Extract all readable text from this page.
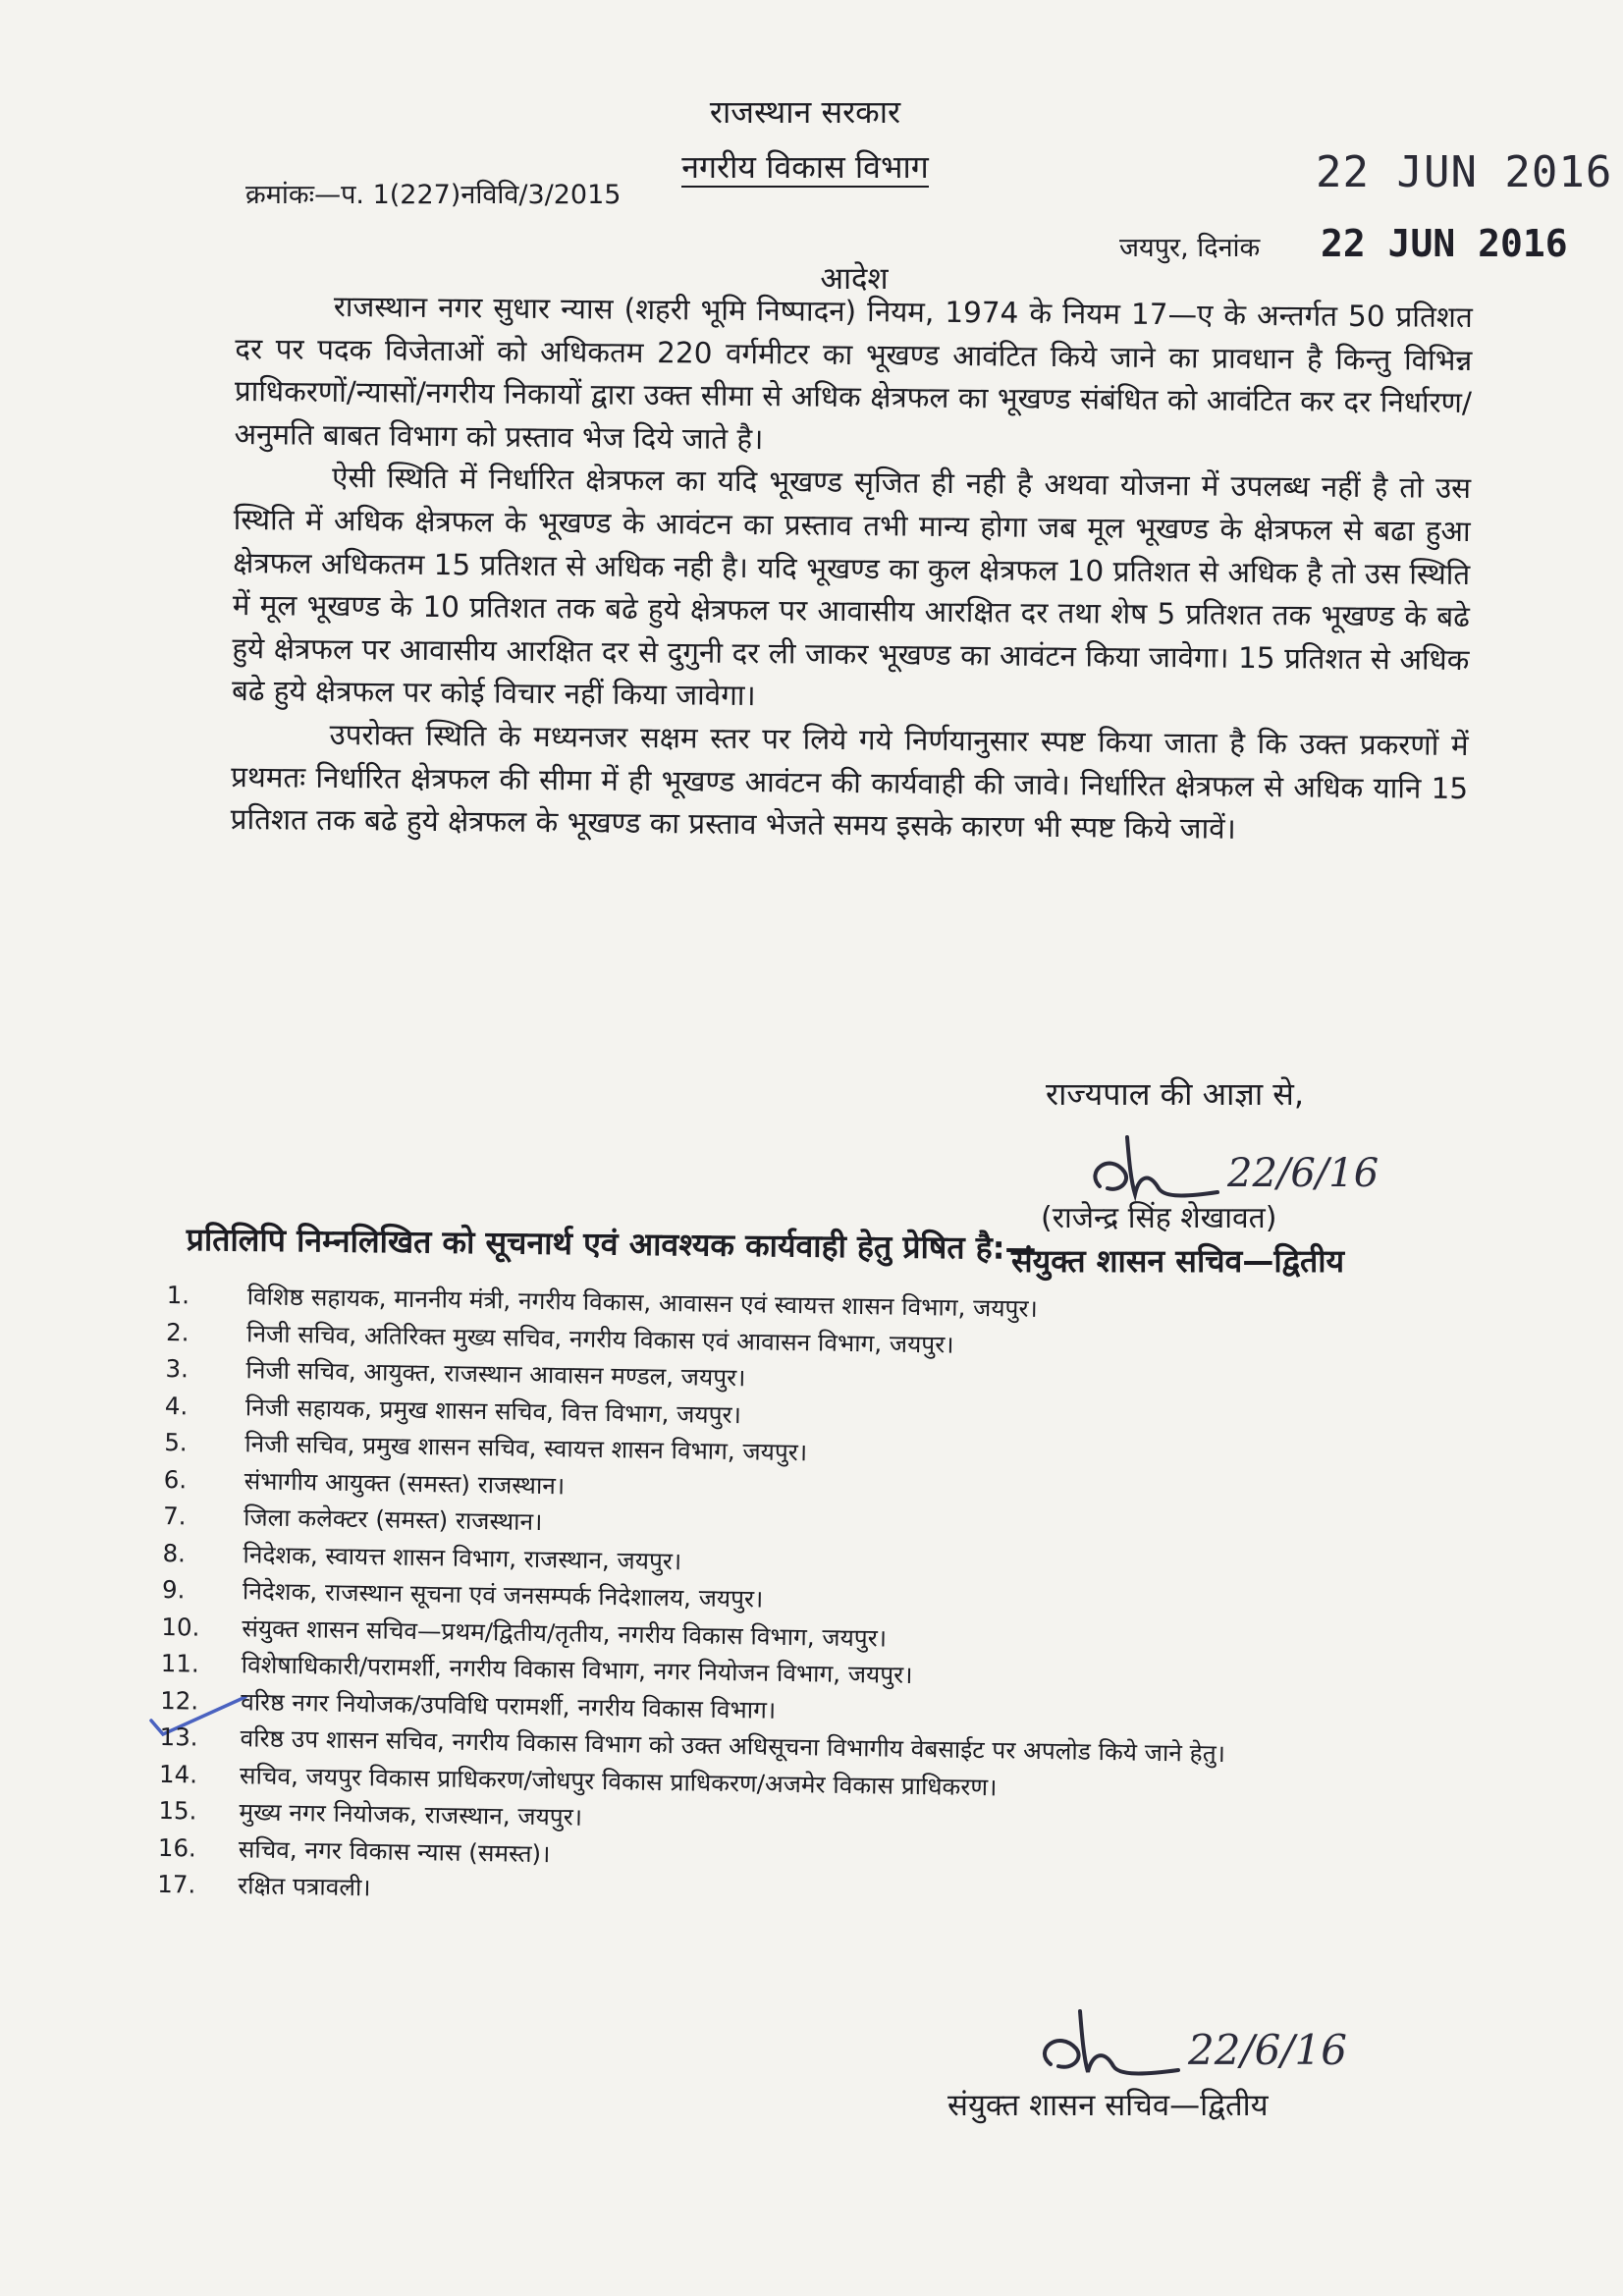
राजस्थान सरकार
नगरीय विकास विभाग
क्रमांकः—प. 1(227)नविवि/3/2015	22 JUN 2016
जयपुर, दिनांक 22 JUN 2016
आदेश

राजस्थान नगर सुधार न्यास (शहरी भूमि निष्पादन) नियम, 1974 के नियम 17—ए के अन्तर्गत 50 प्रतिशत दर पर पदक विजेताओं को अधिकतम 220 वर्गमीटर का भूखण्ड आवंटित किये जाने का प्रावधान है किन्तु विभिन्न प्राधिकरणों/न्यासों/नगरीय निकायों द्वारा उक्त सीमा से अधिक क्षेत्रफल का भूखण्ड संबंधित को आवंटित कर दर निर्धारण/अनुमति बाबत विभाग को प्रस्ताव भेज दिये जाते है।

ऐसी स्थिति में निर्धारित क्षेत्रफल का यदि भूखण्ड सृजित ही नही है अथवा योजना में उपलब्ध नहीं है तो उस स्थिति में अधिक क्षेत्रफल के भूखण्ड के आवंटन का प्रस्ताव तभी मान्य होगा जब मूल भूखण्ड के क्षेत्रफल से बढा हुआ क्षेत्रफल अधिकतम 15 प्रतिशत से अधिक नही है। यदि भूखण्ड का कुल क्षेत्रफल 10 प्रतिशत से अधिक है तो उस स्थिति में मूल भूखण्ड के 10 प्रतिशत तक बढे हुये क्षेत्रफल पर आवासीय आरक्षित दर तथा शेष 5 प्रतिशत तक भूखण्ड के बढे हुये क्षेत्रफल पर आवासीय आरक्षित दर से दुगुनी दर ली जाकर भूखण्ड का आवंटन किया जावेगा। 15 प्रतिशत से अधिक बढे हुये क्षेत्रफल पर कोई विचार नहीं किया जावेगा।

उपरोक्त स्थिति के मध्यनजर सक्षम स्तर पर लिये गये निर्णयानुसार स्पष्ट किया जाता है कि उक्त प्रकरणों में प्रथमतः निर्धारित क्षेत्रफल की सीमा में ही भूखण्ड आवंटन की कार्यवाही की जावे। निर्धारित क्षेत्रफल से अधिक यानि 15 प्रतिशत तक बढे हुये क्षेत्रफल के भूखण्ड का प्रस्ताव भेजते समय इसके कारण भी स्पष्ट किये जावें।

राज्यपाल की आज्ञा से,
22/6/16
(राजेन्द्र सिंह शेखावत)
संयुक्त शासन सचिव—द्वितीय
प्रतिलिपि निम्नलिखित को सूचनार्थ एवं आवश्यक कार्यवाही हेतु प्रेषित है:—
1.	विशिष्ठ सहायक, माननीय मंत्री, नगरीय विकास, आवासन एवं स्वायत्त शासन विभाग, जयपुर।
2.	निजी सचिव, अतिरिक्त मुख्य सचिव, नगरीय विकास एवं आवासन विभाग, जयपुर।
3.	निजी सचिव, आयुक्त, राजस्थान आवासन मण्डल, जयपुर।
4.	निजी सहायक, प्रमुख शासन सचिव, वित्त विभाग, जयपुर।
5.	निजी सचिव, प्रमुख शासन सचिव, स्वायत्त शासन विभाग, जयपुर।
6.	संभागीय आयुक्त (समस्त) राजस्थान।
7.	जिला कलेक्टर (समस्त) राजस्थान।
8.	निदेशक, स्वायत्त शासन विभाग, राजस्थान, जयपुर।
9.	निदेशक, राजस्थान सूचना एवं जनसम्पर्क निदेशालय, जयपुर।
10.	संयुक्त शासन सचिव—प्रथम/द्वितीय/तृतीय, नगरीय विकास विभाग, जयपुर।
11.	विशेषाधिकारी/परामर्शी, नगरीय विकास विभाग, नगर नियोजन विभाग, जयपुर।
12.	वरिष्ठ नगर नियोजक/उपविधि परामर्शी, नगरीय विकास विभाग।
13.	वरिष्ठ उप शासन सचिव, नगरीय विकास विभाग को उक्त अधिसूचना विभागीय वेबसाईट पर अपलोड किये जाने हेतु।
14.	सचिव, जयपुर विकास प्राधिकरण/जोधपुर विकास प्राधिकरण/अजमेर विकास प्राधिकरण।
15.	मुख्य नगर नियोजक, राजस्थान, जयपुर।
16.	सचिव, नगर विकास न्यास (समस्त)।
17.	रक्षित पत्रावली।
22/6/16
संयुक्त शासन सचिव—द्वितीय
